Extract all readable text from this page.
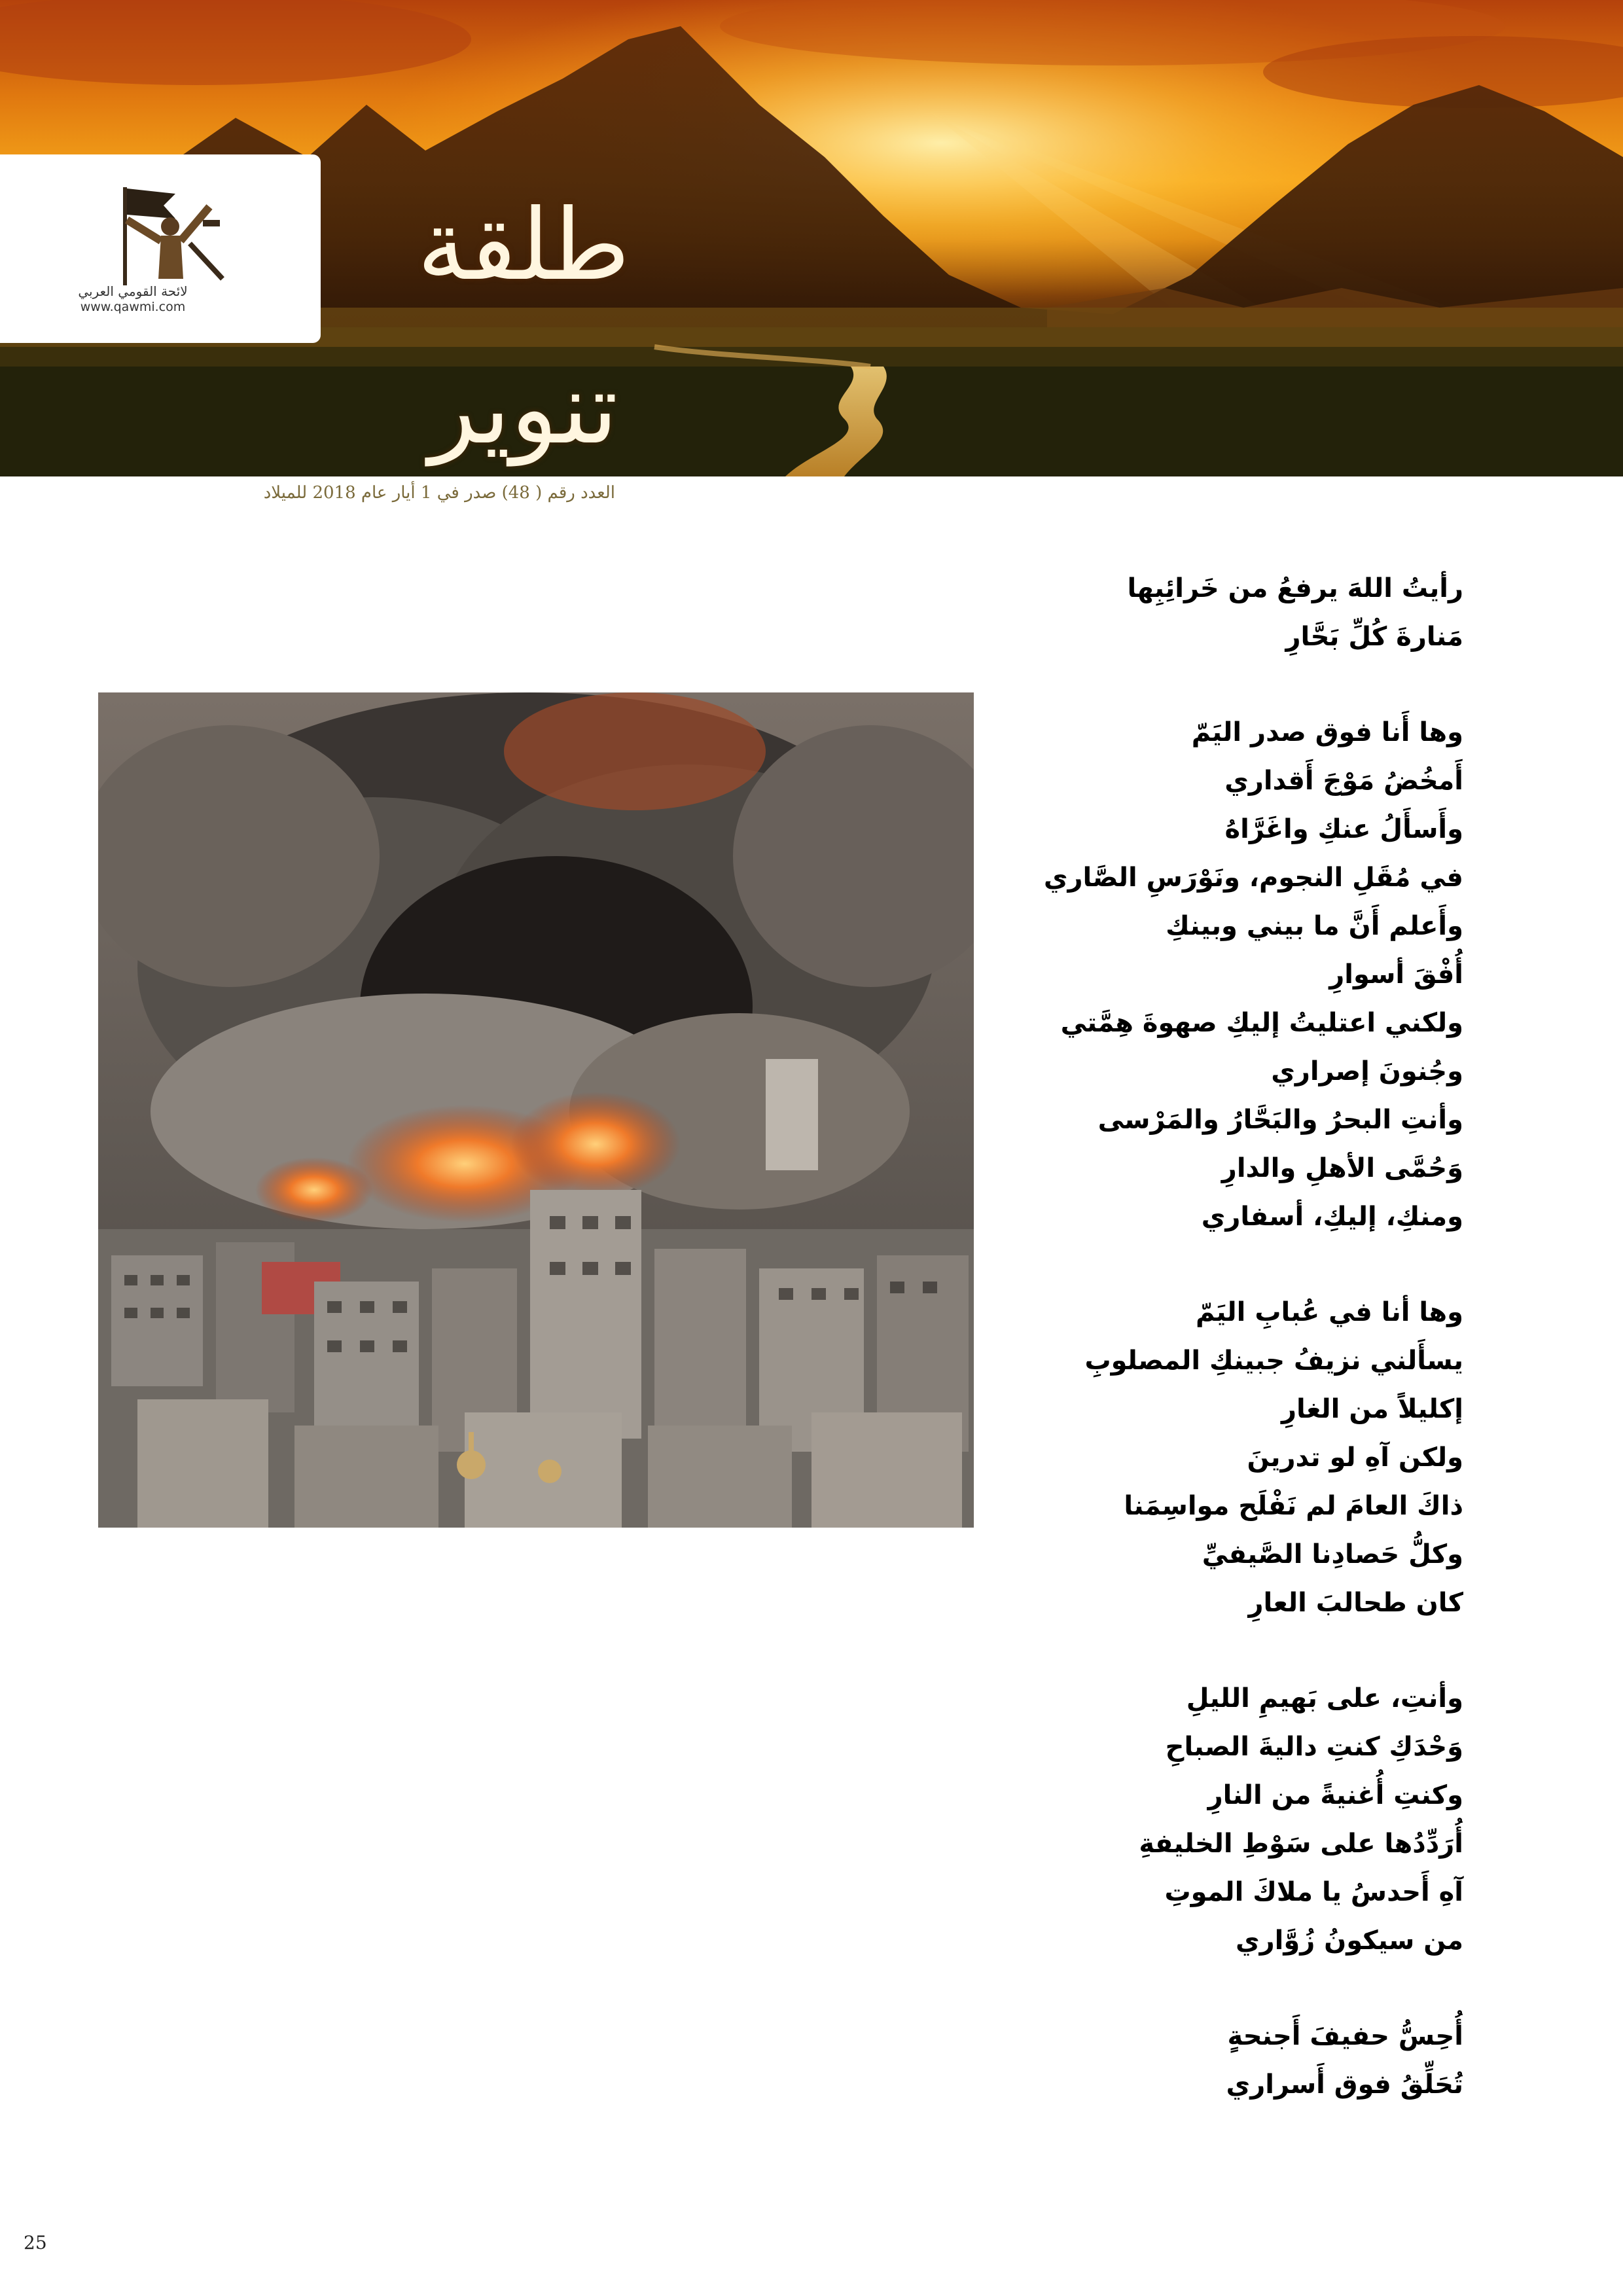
لائحة القومي العربي
www.qawmi.com
طلقة تنوير
العدد رقم ( 48) صدر في 1 أيار عام 2018 للميلاد
رأيتُ اللهَ يرفعُ من خَرائِبِها
مَنارةَ كُلِّ بَحَّارِ
وها أَنا فوق صدر اليَمّ
أَمخُضُ مَوْجَ أَقداري
وأَسأَلُ عنكِ واغَرَّاهُ
في مُقَلِ النجوم، ونَوْرَسِ الصَّاري
وأَعلم أَنَّ ما بيني وبينكِ
أُفْقَ أسوارِ
ولكني اعتليتُ إليكِ صهوةَ هِمَّتي
وجُنونَ إصراري
وأنتِ البحرُ والبَحَّارُ والمَرْسى
وَحُمَّى الأهلِ والدارِ
ومنكِ، إليكِ، أسفاري
وها أنا في عُبابِ اليَمّ
يسأَلني نزيفُ جبينكِ المصلوبِ
إكليلاً من الغارِ
ولكن آهِ لو تدرينَ
ذاكَ العامَ لم نَفْلَح مواسِمَنا
وكلُّ حَصادِنا الصَّيفيِّ
كان طحالبَ العارِ
وأنتِ، على بَهيمِ الليلِ
وَحْدَكِ كنتِ داليةَ الصباحِ
وكنتِ أُغنيةً من النارِ
أُرَدِّدُها على سَوْطِ الخليفةِ
آهِ أَحدسُ يا ملاكَ الموتِ
من سيكونُ زُوَّاري
أُحِسُّ حفيفَ أَجنحةٍ
تُحَلِّقُ فوق أَسراري
25
